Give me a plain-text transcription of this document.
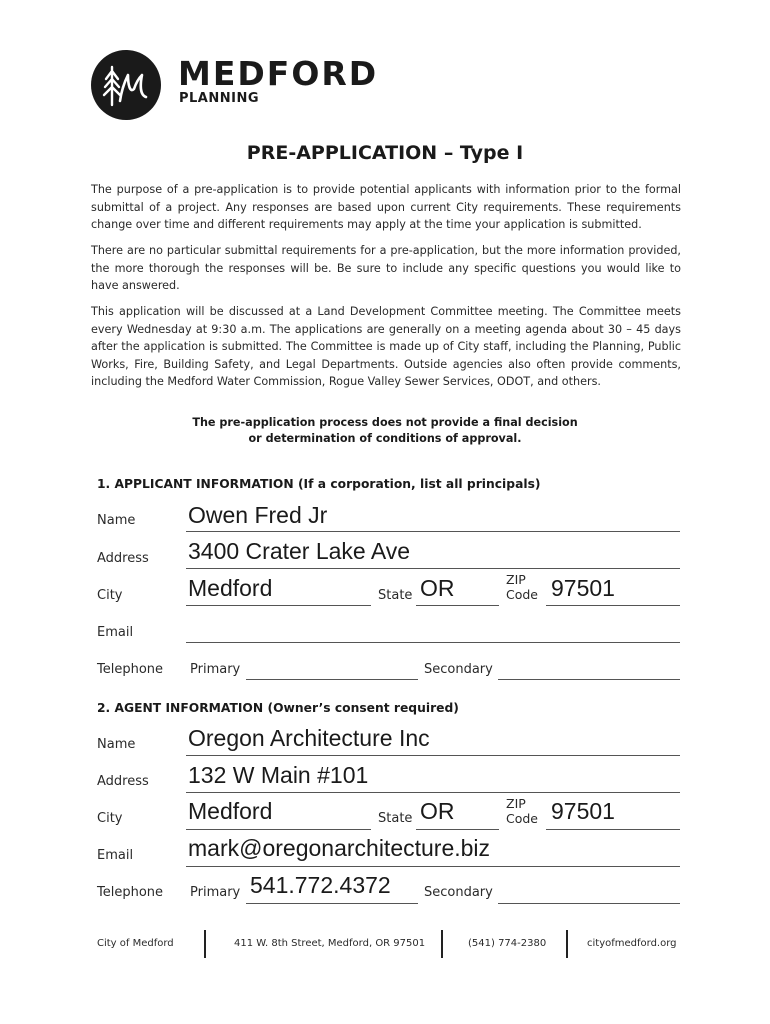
MEDFORD
PLANNING
PRE-APPLICATION – Type I

The purpose of a pre-application is to provide potential applicants with information prior to the formal submittal of a project. Any responses are based upon current City requirements. These requirements change over time and different requirements may apply at the time your application is submitted.

There are no particular submittal requirements for a pre-application, but the more information provided, the more thorough the responses will be. Be sure to include any specific questions you would like to have answered.

This application will be discussed at a Land Development Committee meeting. The Committee meets every Wednesday at 9:30 a.m. The applications are generally on a meeting agenda about 30 – 45 days after the application is submitted. The Committee is made up of City staff, including the Planning, Public Works, Fire, Building Safety, and Legal Departments. Outside agencies also often provide comments, including the Medford Water Commission, Rogue Valley Sewer Services, ODOT, and others.

The pre-application process does not provide a final decision
or determination of conditions of approval.
1. APPLICANT INFORMATION (If a corporation, list all principals)
Name Owen Fred Jr
Address 3400 Crater Lake Ave
City	Medford	State OR	ZIP
Code 97501
Email
Telephone Primary	Secondary
2. AGENT INFORMATION (Owner’s consent required)
Name Oregon Architecture Inc
Address 132 W Main #101
City	Medford	State OR	ZIP
Code 97501
Email mark@oregonarchitecture.biz
Telephone Primary 541.772.4372	Secondary
City of Medford	411 W. 8th Street, Medford, OR 97501	(541) 774-2380	cityofmedford.org
